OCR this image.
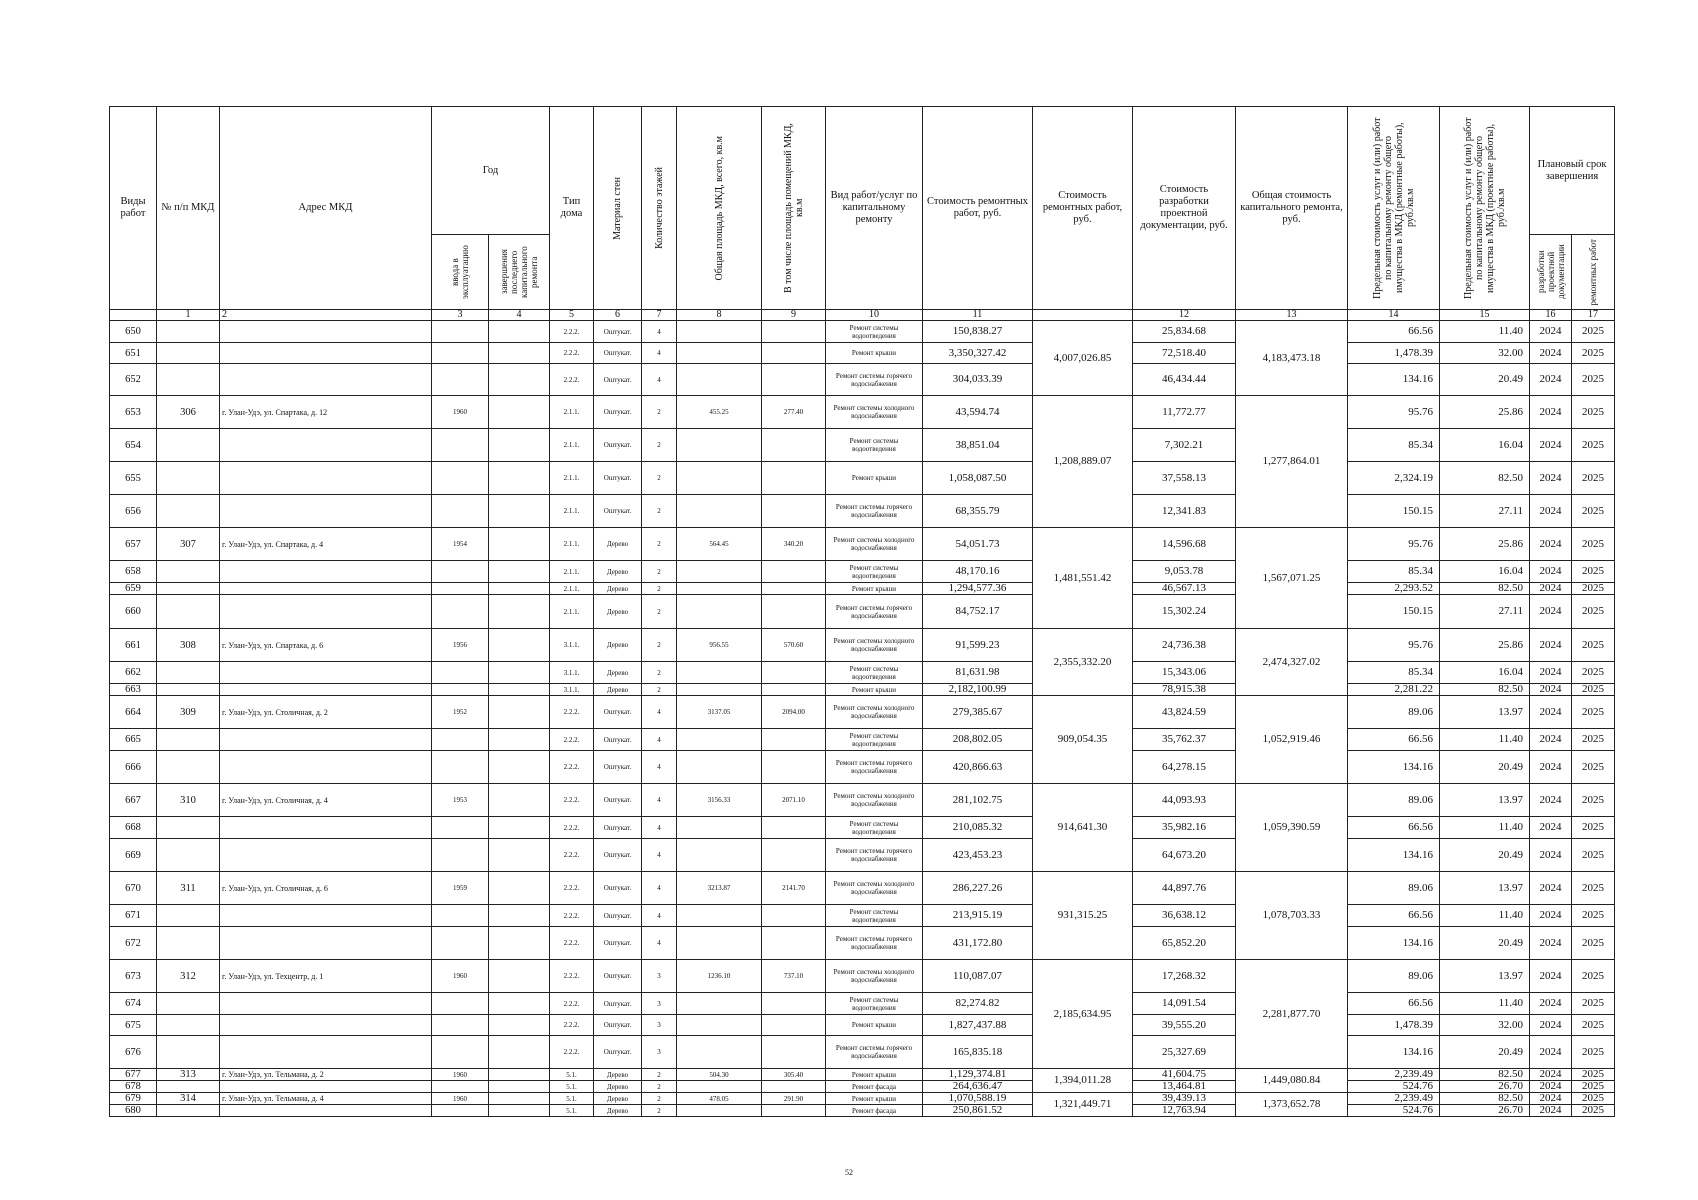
Виды работ	№ п/п МКД	Адрес МКД	Год		Тип дома	Материал стен	Количество этажей	Общая площадь МКД, всего, кв.м	В том числе площадь помещений МКД, кв.м	Вид работ/услуг по капитальному ремонту	Стоимость ремонтных работ, руб.	Стоимость ремонтных работ, руб.	Стоимость разработки проектной документации, руб.	Общая стоимость капитального ремонта, руб.	Предельная стоимость услуг и (или) работ по капитальному ремонту общего имущества в МКД (ремонтные работы), руб./кв.м	Предельная стоимость услуг и (или) работ по капитальному ремонту общего имущества в МКД (проектные работы), руб./кв.м	Плановый срок завершения	

			ввода в эксплуатацию	завершения последнего капитального ремонта													разработки проектной документации	ремонтных работ

	1	2	3	4	5	6	7	8	9	10	11		12	13	14	15	16	17
650					2.2.2.	Оштукат.	4			Ремонт системы водоотведения	150,838.27	4,007,026.85	25,834.68	4,183,473.18	66.56	11.40	2024	2025
651					2.2.2.	Оштукат.	4			Ремонт крыши	3,350,327.42		72,518.40		1,478.39	32.00	2024	2025
652					2.2.2.	Оштукат.	4			Ремонт системы горячего водоснабжения	304,033.39		46,434.44		134.16	20.49	2024	2025
653	306	г. Улан-Удэ, ул. Спартака, д. 12	1960		2.1.1.	Оштукат.	2	455.25	277.40	Ремонт системы холодного водоснабжения	43,594.74	1,208,889.07	11,772.77	1,277,864.01	95.76	25.86	2024	2025
654					2.1.1.	Оштукат.	2			Ремонт системы водоотведения	38,851.04		7,302.21		85.34	16.04	2024	2025
655					2.1.1.	Оштукат.	2			Ремонт крыши	1,058,087.50		37,558.13		2,324.19	82.50	2024	2025
656					2.1.1.	Оштукат.	2			Ремонт системы горячего водоснабжения	68,355.79		12,341.83		150.15	27.11	2024	2025
657	307	г. Улан-Удэ, ул. Спартака, д. 4	1954		2.1.1.	Дерево	2	564.45	340.20	Ремонт системы холодного водоснабжения	54,051.73	1,481,551.42	14,596.68	1,567,071.25	95.76	25.86	2024	2025
658					2.1.1.	Дерево	2			Ремонт системы водоотведения	48,170.16		9,053.78		85.34	16.04	2024	2025
659					2.1.1.	Дерево	2			Ремонт крыши	1,294,577.36		46,567.13		2,293.52	82.50	2024	2025
660					2.1.1.	Дерево	2			Ремонт системы горячего водоснабжения	84,752.17		15,302.24		150.15	27.11	2024	2025
661	308	г. Улан-Удэ, ул. Спартака, д. 6	1956		3.1.1.	Дерево	2	956.55	570.60	Ремонт системы холодного водоснабжения	91,599.23	2,355,332.20	24,736.38	2,474,327.02	95.76	25.86	2024	2025
662					3.1.1.	Дерево	2			Ремонт системы водоотведения	81,631.98		15,343.06		85.34	16.04	2024	2025
663					3.1.1.	Дерево	2			Ремонт крыши	2,182,100.99		78,915.38		2,281.22	82.50	2024	2025
664	309	г. Улан-Удэ, ул. Столичная, д. 2	1952		2.2.2.	Оштукат.	4	3137.05	2094.00	Ремонт системы холодного водоснабжения	279,385.67	909,054.35	43,824.59	1,052,919.46	89.06	13.97	2024	2025
665					2.2.2.	Оштукат.	4			Ремонт системы водоотведения	208,802.05		35,762.37		66.56	11.40	2024	2025
666					2.2.2.	Оштукат.	4			Ремонт системы горячего водоснабжения	420,866.63		64,278.15		134.16	20.49	2024	2025
667	310	г. Улан-Удэ, ул. Столичная, д. 4	1953		2.2.2.	Оштукат.	4	3156.33	2071.10	Ремонт системы холодного водоснабжения	281,102.75	914,641.30	44,093.93	1,059,390.59	89.06	13.97	2024	2025
668					2.2.2.	Оштукат.	4			Ремонт системы водоотведения	210,085.32		35,982.16		66.56	11.40	2024	2025
669					2.2.2.	Оштукат.	4			Ремонт системы горячего водоснабжения	423,453.23		64,673.20		134.16	20.49	2024	2025
670	311	г. Улан-Удэ, ул. Столичная, д. 6	1959		2.2.2.	Оштукат.	4	3213.87	2141.70	Ремонт системы холодного водоснабжения	286,227.26	931,315.25	44,897.76	1,078,703.33	89.06	13.97	2024	2025
671					2.2.2.	Оштукат.	4			Ремонт системы водоотведения	213,915.19		36,638.12		66.56	11.40	2024	2025
672					2.2.2.	Оштукат.	4			Ремонт системы горячего водоснабжения	431,172.80		65,852.20		134.16	20.49	2024	2025
673	312	г. Улан-Удэ, ул. Техцентр, д. 1	1960		2.2.2.	Оштукат.	3	1236.10	737.10	Ремонт системы холодного водоснабжения	110,087.07	2,185,634.95	17,268.32	2,281,877.70	89.06	13.97	2024	2025
674					2.2.2.	Оштукат.	3			Ремонт системы водоотведения	82,274.82		14,091.54		66.56	11.40	2024	2025
675					2.2.2.	Оштукат.	3			Ремонт крыши	1,827,437.88		39,555.20		1,478.39	32.00	2024	2025
676					2.2.2.	Оштукат.	3			Ремонт системы горячего водоснабжения	165,835.18		25,327.69		134.16	20.49	2024	2025
677	313	г. Улан-Удэ, ул. Тельмана, д. 2	1960		5.1.	Дерево	2	504.30	305.40	Ремонт крыши	1,129,374.81	1,394,011.28	41,604.75	1,449,080.84	2,239.49	82.50	2024	2025
678					5.1.	Дерево	2			Ремонт фасада	264,636.47		13,464.81		524.76	26.70	2024	2025
679	314	г. Улан-Удэ, ул. Тельмана, д. 4	1960		5.1.	Дерево	2	478.05	291.90	Ремонт крыши	1,070,588.19	1,321,449.71	39,439.13	1,373,652.78	2,239.49	82.50	2024	2025
680					5.1.	Дерево	2			Ремонт фасада	250,861.52		12,763.94		524.76	26.70	2024	2025
52
